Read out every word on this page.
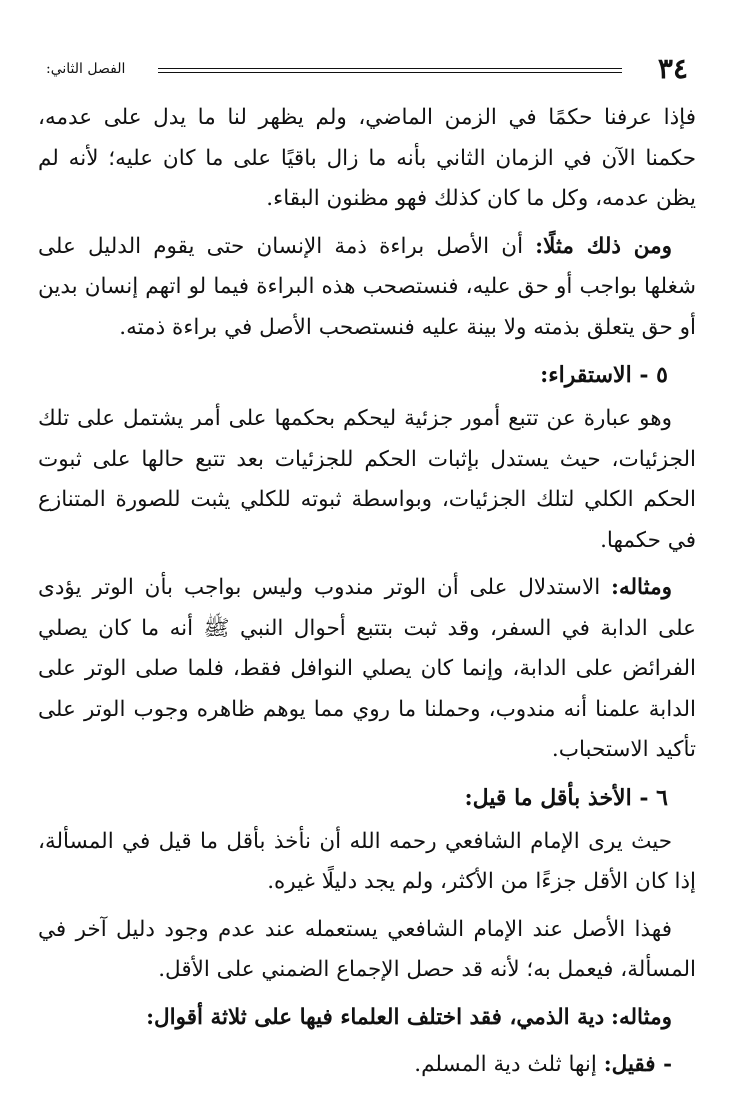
٣٤
الفصل الثاني:

فإذا عرفنا حكمًا في الزمن الماضي، ولم يظهر لنا ما يدل على عدمه، حكمنا الآن في الزمان الثاني بأنه ما زال باقيًا على ما كان عليه؛ لأنه لم يظن عدمه، وكل ما كان كذلك فهو مظنون البقاء.

ومن ذلك مثلًا: أن الأصل براءة ذمة الإنسان حتى يقوم الدليل على شغلها بواجب أو حق عليه، فنستصحب هذه البراءة فيما لو اتهم إنسان بدين أو حق يتعلق بذمته ولا بينة عليه فنستصحب الأصل في براءة ذمته.

٥ - الاستقراء:

وهو عبارة عن تتبع أمور جزئية ليحكم بحكمها على أمر يشتمل على تلك الجزئيات، حيث يستدل بإثبات الحكم للجزئيات بعد تتبع حالها على ثبوت الحكم الكلي لتلك الجزئيات، وبواسطة ثبوته للكلي يثبت للصورة المتنازع في حكمها.

ومثاله: الاستدلال على أن الوتر مندوب وليس بواجب بأن الوتر يؤدى على الدابة في السفر، وقد ثبت بتتبع أحوال النبي ﷺ أنه ما كان يصلي الفرائض على الدابة، وإنما كان يصلي النوافل فقط، فلما صلى الوتر على الدابة علمنا أنه مندوب، وحملنا ما روي مما يوهم ظاهره وجوب الوتر على تأكيد الاستحباب.

٦ - الأخذ بأقل ما قيل:

حيث يرى الإمام الشافعي رحمه الله أن نأخذ بأقل ما قيل في المسألة، إذا كان الأقل جزءًا من الأكثر، ولم يجد دليلًا غيره.

فهذا الأصل عند الإمام الشافعي يستعمله عند عدم وجود دليل آخر في المسألة، فيعمل به؛ لأنه قد حصل الإجماع الضمني على الأقل.

ومثاله: دية الذمي، فقد اختلف العلماء فيها على ثلاثة أقوال:

- فقيل: إنها ثلث دية المسلم.
